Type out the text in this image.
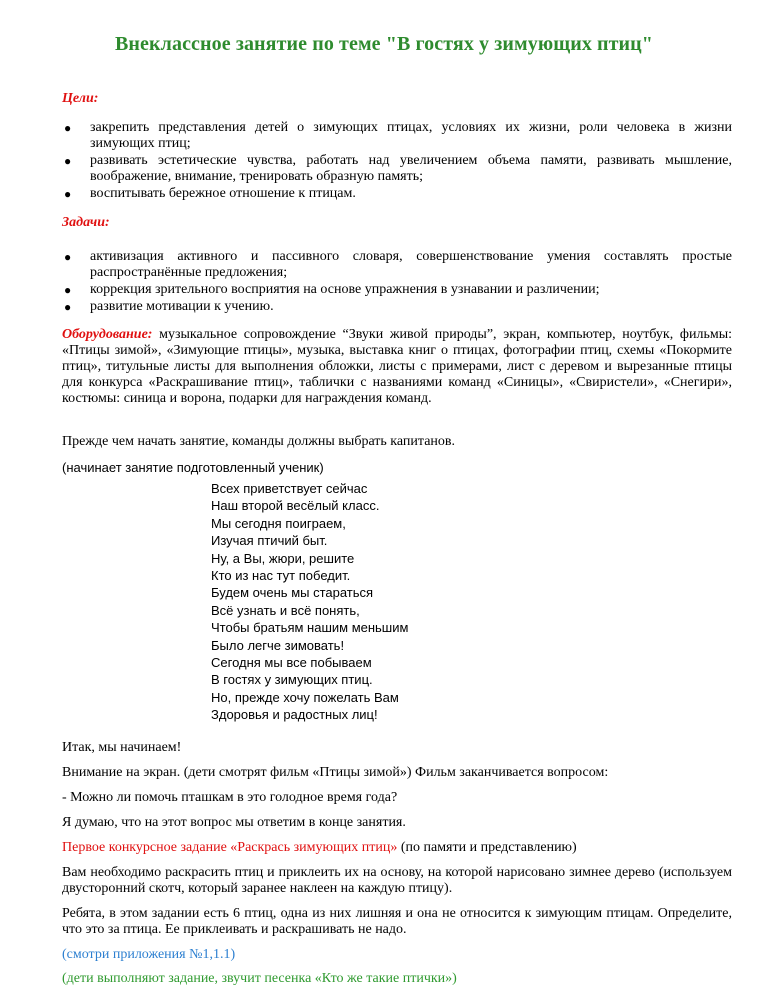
Внеклассное занятие по теме "В гостях у зимующих птиц"
Цели:
● закрепить представления детей о зимующих птицах, условиях их жизни, роли человека в жизни зимующих птиц;
● развивать эстетические чувства, работать над увеличением объема памяти, развивать мышление, воображение, внимание, тренировать образную память;
● воспитывать бережное отношение к птицам.
Задачи:
● активизация активного и пассивного словаря, совершенствование умения составлять простые распространённые предложения;
● коррекция зрительного восприятия на основе упражнения в узнавании и различении;
● развитие мотивации к учению.

Оборудование: музыкальное сопровождение “Звуки живой природы”, экран, компьютер, ноутбук, фильмы: «Птицы зимой», «Зимующие птицы», музыка, выставка книг о птицах, фотографии птиц, схемы «Покормите птиц», титульные листы для выполнения обложки, листы с примерами, лист с деревом и вырезанные птицы для конкурса «Раскрашивание птиц», таблички с названиями команд «Синицы», «Свиристели», «Снегири», костюмы: синица и ворона, подарки для награждения команд.

Прежде чем начать занятие, команды должны выбрать капитанов.

(начинает занятие подготовленный ученик)

Всех приветствует сейчас
Наш второй весёлый класс.
Мы сегодня поиграем,
Изучая птичий быт.
Ну, а Вы, жюри, решите
Кто из нас тут победит.
Будем очень мы стараться
Всё узнать и всё понять,
Чтобы братьям нашим меньшим
Было легче зимовать!
Сегодня мы все побываем
В гостях у зимующих птиц.
Но, прежде хочу пожелать Вам
Здоровья и радостных лиц!

Итак, мы начинаем!

Внимание на экран. (дети смотрят фильм «Птицы зимой») Фильм заканчивается вопросом:

- Можно ли помочь пташкам в это голодное время года?

Я думаю, что на этот вопрос мы ответим в конце занятия.

Первое конкурсное задание «Раскрась зимующих птиц» (по памяти и представлению)

Вам необходимо раскрасить птиц и приклеить их на основу, на которой нарисовано зимнее дерево (используем двусторонний скотч, который заранее наклеен на каждую птицу).

Ребята, в этом задании есть 6 птиц, одна из них лишняя и она не относится к зимующим птицам. Определите, что это за птица. Ее приклеивать и раскрашивать не надо.

(смотри приложения №1,1.1)

(дети выполняют задание, звучит песенка «Кто же такие птички»)
